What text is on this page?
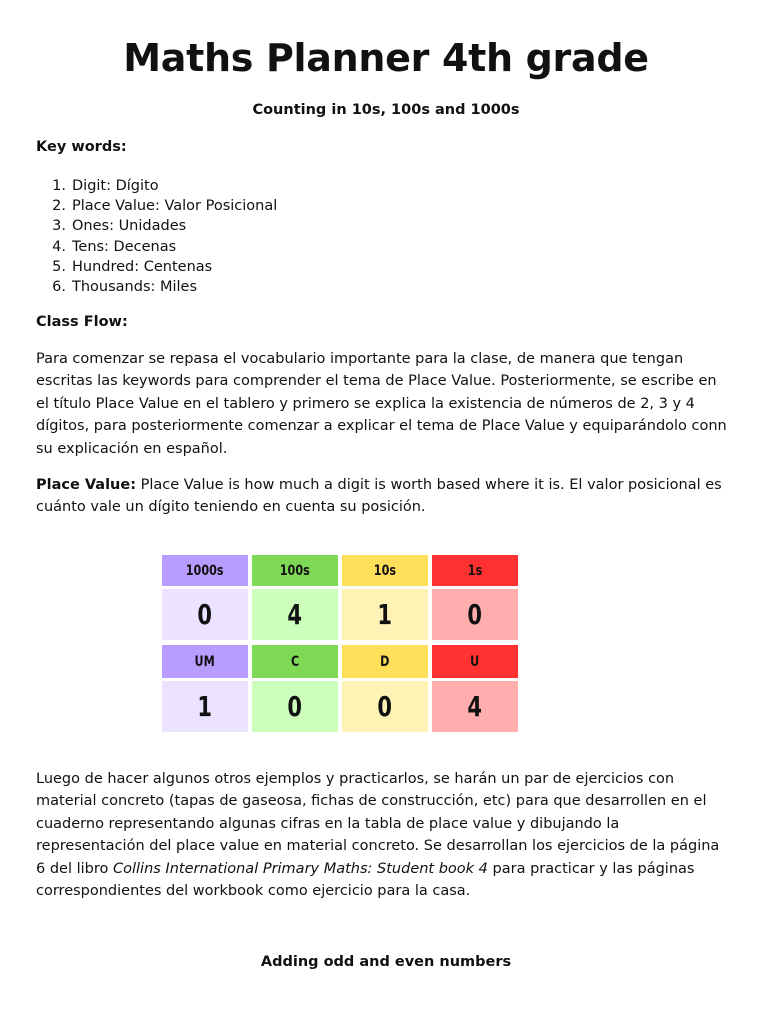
Maths Planner 4th grade
Counting in 10s, 100s and 1000s
Key words:
1. Digit: Dígito
2. Place Value: Valor Posicional
3. Ones: Unidades
4. Tens: Decenas
5. Hundred: Centenas
6. Thousands: Miles
Class Flow:

Para comenzar se repasa el vocabulario importante para la clase, de manera que tengan escritas las keywords para comprender el tema de Place Value. Posteriormente, se escribe en el título Place Value en el tablero y primero se explica la existencia de números de 2, 3 y 4 dígitos, para posteriormente comenzar a explicar el tema de Place Value y equiparándolo conn su explicación en español.

Place Value: Place Value is how much a digit is worth based where it is. El valor posicional es cuánto vale un dígito teniendo en cuenta su posición.

1000s	100s	10s	1s
0	4	1	0
UM	C	D	U
1	0	0	4

Luego de hacer algunos otros ejemplos y practicarlos, se harán un par de ejercicios con material concreto (tapas de gaseosa, fichas de construcción, etc) para que desarrollen en el cuaderno representando algunas cifras en la tabla de place value y dibujando la representación del place value en material concreto. Se desarrollan los ejercicios de la página 6 del libro Collins International Primary Maths: Student book 4 para practicar y las páginas correspondientes del workbook como ejercicio para la casa.

Adding odd and even numbers
